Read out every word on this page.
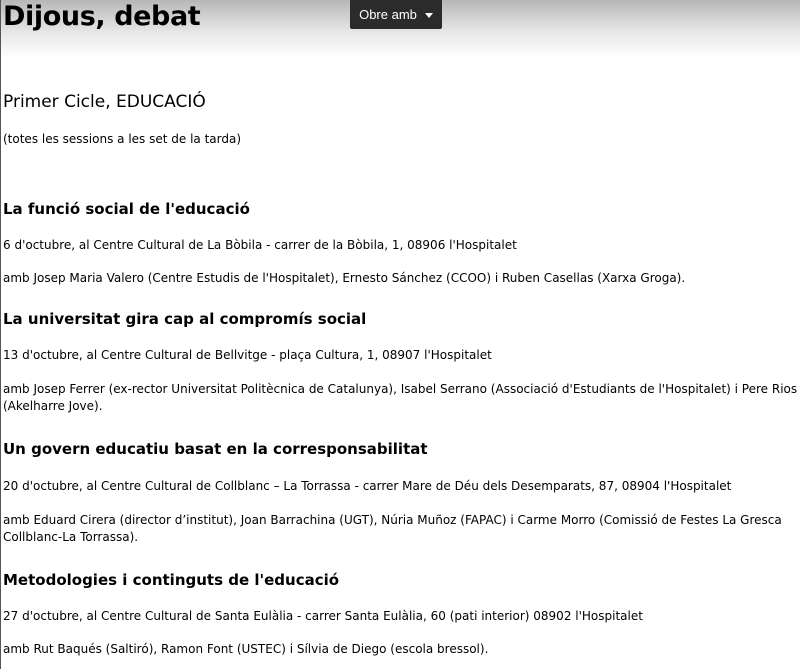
Dijous, debat	Obre amb
Primer Cicle, EDUCACIÓ

(totes les sessions a les set de la tarda)

La funció social de l'educació

6 d'octubre, al Centre Cultural de La Bòbila - carrer de la Bòbila, 1, 08906 l'Hospitalet

amb Josep Maria Valero (Centre Estudis de l'Hospitalet), Ernesto Sánchez (CCOO) i Ruben Casellas (Xarxa Groga).

La universitat gira cap al compromís social

13 d'octubre, al Centre Cultural de Bellvitge - plaça Cultura, 1, 08907 l'Hospitalet

amb Josep Ferrer (ex-rector Universitat Politècnica de Catalunya), Isabel Serrano (Associació d'Estudiants de l'Hospitalet) i Pere Rios (Akelharre Jove).

Un govern educatiu basat en la corresponsabilitat

20 d'octubre, al Centre Cultural de Collblanc – La Torrassa - carrer Mare de Déu dels Desemparats, 87, 08904 l'Hospitalet

amb Eduard Cirera (director d’institut), Joan Barrachina (UGT), Núria Muñoz (FAPAC) i Carme Morro (Comissió de Festes La Gresca Collblanc-La Torrassa).

Metodologies i continguts de l'educació

27 d'octubre, al Centre Cultural de Santa Eulàlia - carrer Santa Eulàlia, 60 (pati interior) 08902 l'Hospitalet

amb Rut Baqués (Saltiró), Ramon Font (USTEC) i Sílvia de Diego (escola bressol).
